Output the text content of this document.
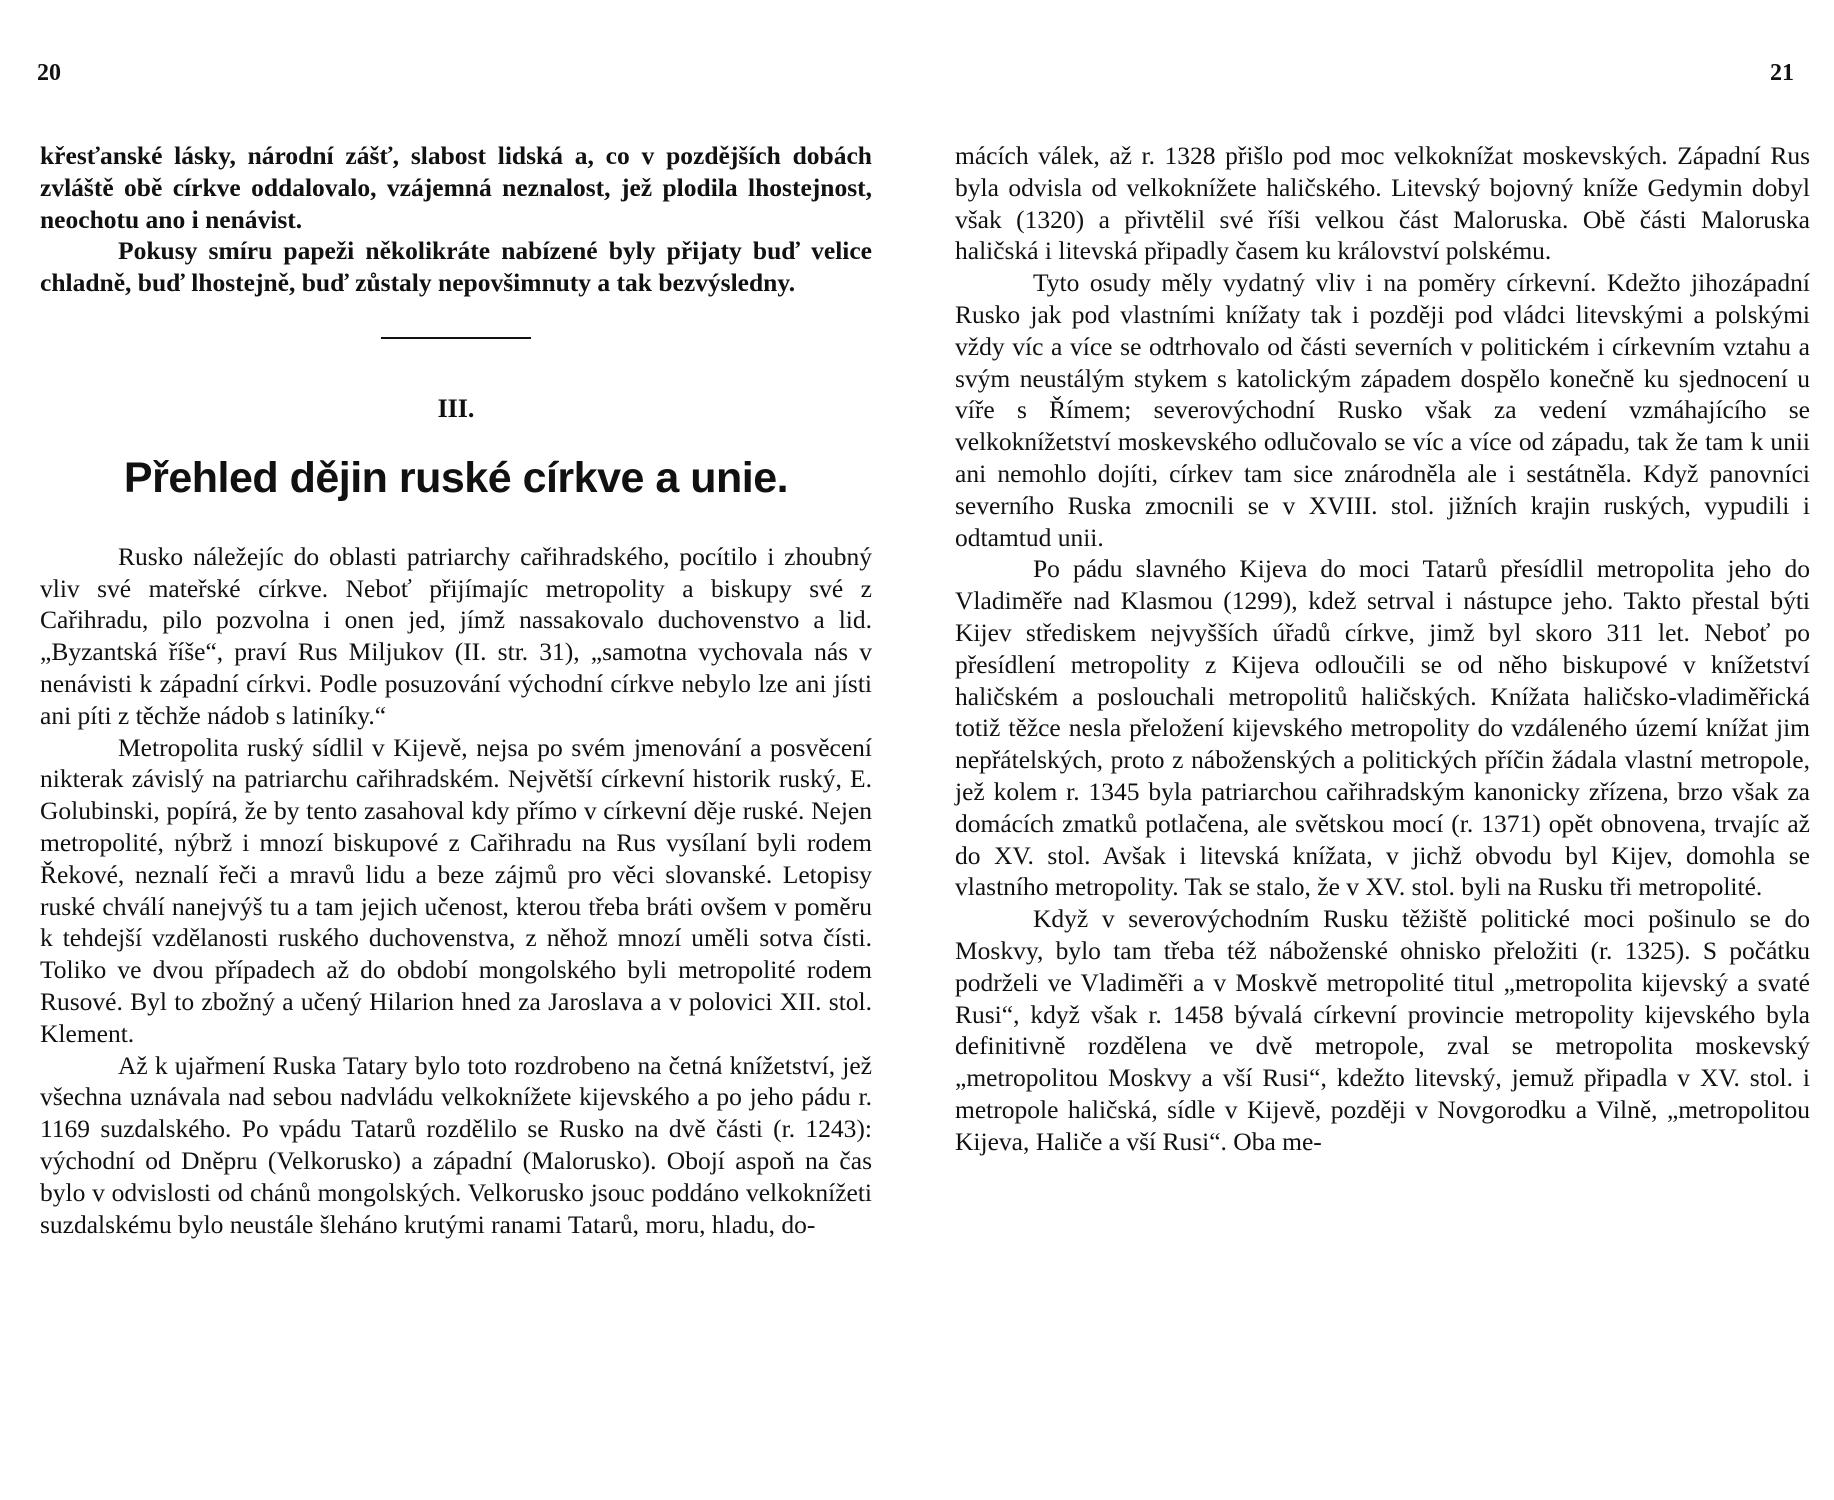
20	21

křesťanské lásky, národní zášť, slabost lidská a, co v pozdějších dobách zvláště obě církve oddalovalo, vzájemná neznalost, jež plodila lhostejnost, neochotu ano i nenávist.

Pokusy smíru papeži několikráte nabízené byly přijaty buď velice chladně, buď lhostejně, buď zůstaly nepovšimnuty a tak bezvýsledny.

III.
Přehled dějin ruské církve a unie.

Rusko náležejíc do oblasti patriarchy cařihradského, pocítilo i zhoubný vliv své mateřské církve. Neboť přijímajíc metropolity a biskupy své z Cařihradu, pilo pozvolna i onen jed, jímž nassakovalo duchovenstvo a lid. „Byzantská říše“, praví Rus Miljukov (II. str. 31), „samotna vychovala nás v nenávisti k západní církvi. Podle posuzování východní církve nebylo lze ani jísti ani píti z těchže nádob s latiníky.“

Metropolita ruský sídlil v Kijevě, nejsa po svém jmenování a posvěcení nikterak závislý na patriarchu cařihradském. Největší církevní historik ruský, E. Golubinski, popírá, že by tento zasahoval kdy přímo v církevní děje ruské. Nejen metropolité, nýbrž i mnozí biskupové z Cařihradu na Rus vysílaní byli rodem Řekové, neznalí řeči a mravů lidu a beze zájmů pro věci slovanské. Letopisy ruské chválí nanejvýš tu a tam jejich učenost, kterou třeba bráti ovšem v poměru k tehdejší vzdělanosti ruského duchovenstva, z něhož mnozí uměli sotva čísti. Toliko ve dvou případech až do období mongolského byli metropolité rodem Rusové. Byl to zbožný a učený Hilarion hned za Jaroslava a v polovici XII. stol. Klement.

Až k ujařmení Ruska Tatary bylo toto rozdrobeno na četná knížetství, jež všechna uznávala nad sebou nadvládu velkoknížete kijevského a po jeho pádu r. 1169 suzdalského. Po vpádu Tatarů rozdělilo se Rusko na dvě části (r. 1243): východní od Dněpru (Velkorusko) a západní (Malorusko). Obojí aspoň na čas bylo v odvislosti od chánů mongolských. Velkorusko jsouc poddáno velkoknížeti suzdalskému bylo neustále šleháno krutými ranami Tatarů, moru, hladu, do-

mácích válek, až r. 1328 přišlo pod moc velkoknížat moskevských. Západní Rus byla odvisla od velkoknížete haličského. Litevský bojovný kníže Gedymin dobyl však (1320) a přivtělil své říši velkou část Maloruska. Obě části Maloruska haličská i litevská připadly časem ku království polskému.

Tyto osudy měly vydatný vliv i na poměry církevní. Kdežto jihozápadní Rusko jak pod vlastními knížaty tak i později pod vládci litevskými a polskými vždy víc a více se odtrhovalo od části severních v politickém i církevním vztahu a svým neustálým stykem s katolickým západem dospělo konečně ku sjednocení u víře s Římem; severovýchodní Rusko však za vedení vzmáhajícího se velkoknížetství moskevského odlučovalo se víc a více od západu, tak že tam k unii ani nemohlo dojíti, církev tam sice znárodněla ale i sestátněla. Když panovníci severního Ruska zmocnili se v XVIII. stol. jižních krajin ruských, vypudili i odtamtud unii.

Po pádu slavného Kijeva do moci Tatarů přesídlil metropolita jeho do Vladiměře nad Klasmou (1299), kdež setrval i nástupce jeho. Takto přestal býti Kijev střediskem nejvyšších úřadů církve, jimž byl skoro 311 let. Neboť po přesídlení metropolity z Kijeva odloučili se od něho biskupové v knížetství haličském a poslouchali metropolitů haličských. Knížata haličsko-vladiměřická totiž těžce nesla přeložení kijevského metropolity do vzdáleného území knížat jim nepřátelských, proto z náboženských a politických příčin žádala vlastní metropole, jež kolem r. 1345 byla patriarchou cařihradským kanonicky zřízena, brzo však za domácích zmatků potlačena, ale světskou mocí (r. 1371) opět obnovena, trvajíc až do XV. stol. Avšak i litevská knížata, v jichž obvodu byl Kijev, domohla se vlastního metropolity. Tak se stalo, že v XV. stol. byli na Rusku tři metropolité.

Když v severovýchodním Rusku těžiště politické moci pošinulo se do Moskvy, bylo tam třeba též náboženské ohnisko přeložiti (r. 1325). S počátku podrželi ve Vladiměři a v Moskvě metropolité titul „metropolita kijevský a svaté Rusi“, když však r. 1458 bývalá církevní provincie metropolity kijevského byla definitivně rozdělena ve dvě metropole, zval se metropolita moskevský „metropolitou Moskvy a vší Rusi“, kdežto litevský, jemuž připadla v XV. stol. i metropole haličská, sídle v Kijevě, později v Novgorodku a Vilně, „metropolitou Kijeva, Haliče a vší Rusi“. Oba me-
